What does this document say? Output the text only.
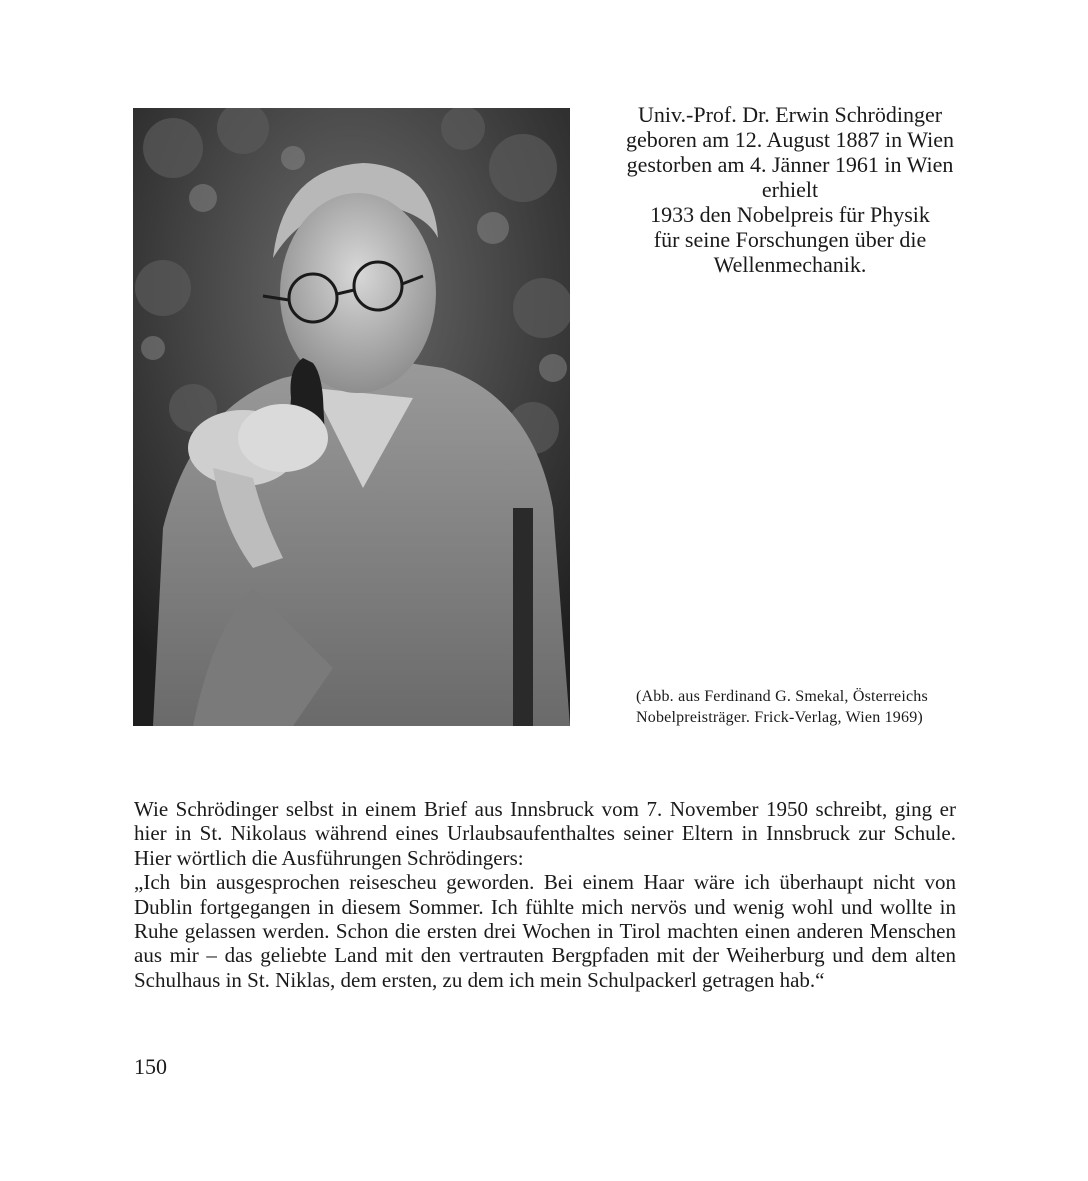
Univ.-Prof. Dr. Erwin Schrödinger
geboren am 12. August 1887 in Wien
gestorben am 4. Jänner 1961 in Wien
erhielt
1933 den Nobelpreis für Physik
für seine Forschungen über die
Wellenmechanik.
(Abb. aus Ferdinand G. Smekal, Österreichs
Nobelpreisträger. Frick-Verlag, Wien 1969)
Wie Schrödinger selbst in einem Brief aus Innsbruck vom 7. November 1950 schreibt, ging er
hier in St. Nikolaus während eines Urlaubsaufenthaltes seiner Eltern in Innsbruck zur Schule.
Hier wörtlich die Ausführungen Schrödingers:
„Ich bin ausgesprochen reisescheu geworden. Bei einem Haar wäre ich überhaupt nicht von
Dublin fortgegangen in diesem Sommer. Ich fühlte mich nervös und wenig wohl und wollte in
Ruhe gelassen werden. Schon die ersten drei Wochen in Tirol machten einen anderen Menschen
aus mir – das geliebte Land mit den vertrauten Bergpfaden mit der Weiherburg und dem alten
Schulhaus in St. Niklas, dem ersten, zu dem ich mein Schulpackerl getragen hab.“
150
